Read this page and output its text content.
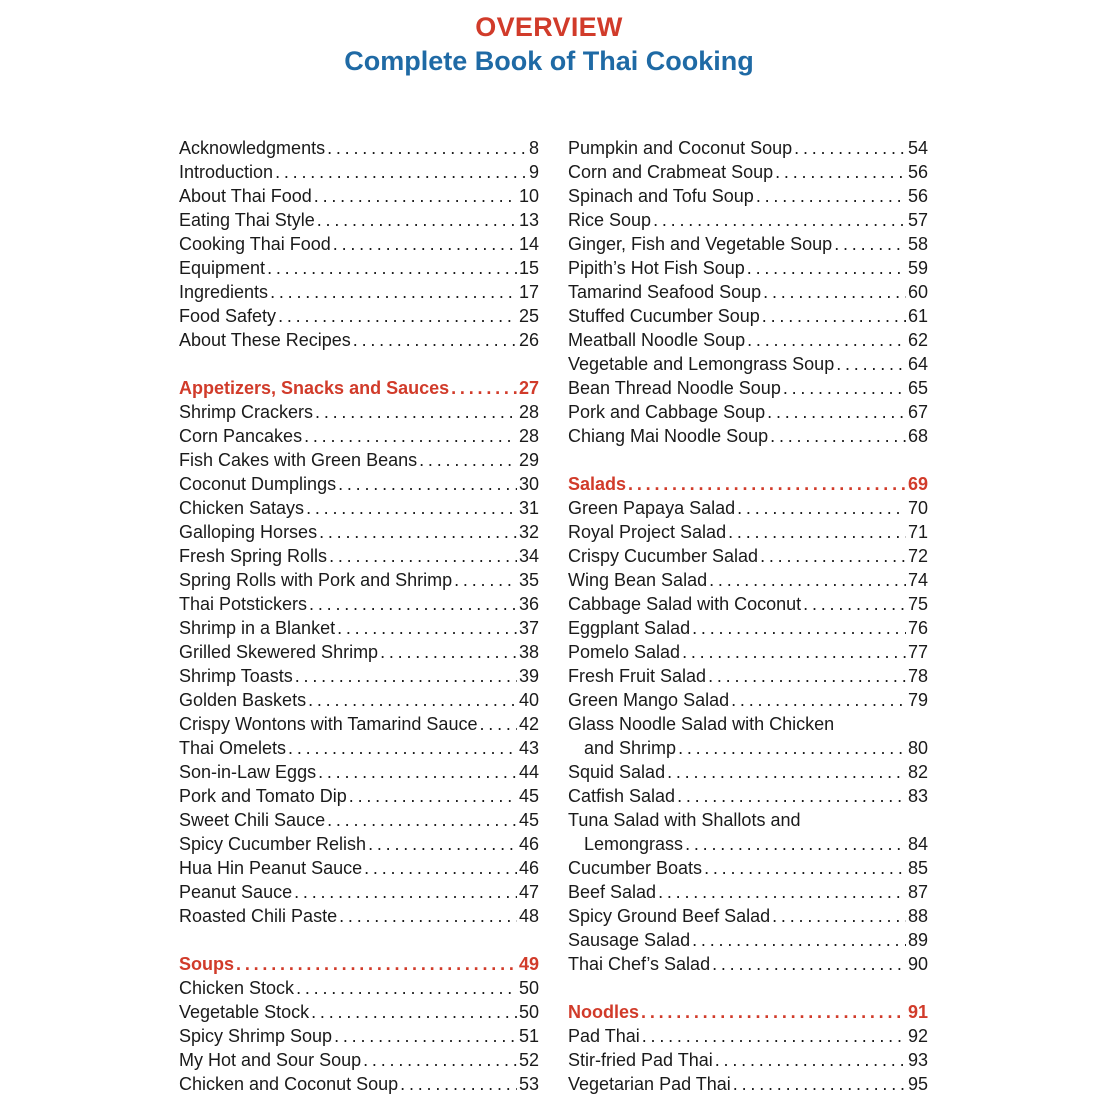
OVERVIEW
Complete Book of Thai Cooking
Acknowledgments . . .	8
Introduction . . .	9
About Thai Food . . .	10
Eating Thai Style . . .	13
Cooking Thai Food . . .	14
Equipment . . .	15
Ingredients . . .	17
Food Safety . . .	25
About These Recipes . . .	26
Appetizers, Snacks and Sauces . . .	27
Shrimp Crackers . . .	28
Corn Pancakes . . .	28
Fish Cakes with Green Beans . . .	29
Coconut Dumplings . . .	30
Chicken Satays . . .	31
Galloping Horses . . .	32
Fresh Spring Rolls . . .	34
Spring Rolls with Pork and Shrimp . . .	35
Thai Potstickers . . .	36
Shrimp in a Blanket . . .	37
Grilled Skewered Shrimp . . .	38
Shrimp Toasts . . .	39
Golden Baskets . . .	40
Crispy Wontons with Tamarind Sauce . . . 42
Thai Omelets . . .	43
Son-in-Law Eggs . . .	44
Pork and Tomato Dip . . .	45
Sweet Chili Sauce . . .	45
Spicy Cucumber Relish . . .	46
Hua Hin Peanut Sauce . . .	46
Peanut Sauce . . .	47
Roasted Chili Paste . . .	48
Soups . . .	49
Chicken Stock . . .	50
Vegetable Stock . . .	50
Spicy Shrimp Soup . . .	51
My Hot and Sour Soup . . .	52
Chicken and Coconut Soup . . .	53
Pumpkin and Coconut Soup . . .	54
Corn and Crabmeat Soup . . .	56
Spinach and Tofu Soup . . .	56
Rice Soup . . .	57
Ginger, Fish and Vegetable Soup . . .	58
Pipith’s Hot Fish Soup . . .	59
Tamarind Seafood Soup . . .	60
Stuffed Cucumber Soup . . .	61
Meatball Noodle Soup . . .	62
Vegetable and Lemongrass Soup . . .	64
Bean Thread Noodle Soup . . .	65
Pork and Cabbage Soup . . .	67
Chiang Mai Noodle Soup . . .	68
Salads . . .	69
Green Papaya Salad . . .	70
Royal Project Salad . . .	71
Crispy Cucumber Salad . . .	72
Wing Bean Salad . . .	74
Cabbage Salad with Coconut . . .	75
Eggplant Salad . . .	76
Pomelo Salad . . .	77
Fresh Fruit Salad . . .	78
Green Mango Salad . . .	79
Glass Noodle Salad with Chicken
and Shrimp . . .	80
Squid Salad . . .	82
Catfish Salad . . .	83
Tuna Salad with Shallots and
Lemongrass . . .	84
Cucumber Boats . . .	85
Beef Salad . . .	87
Spicy Ground Beef Salad . . .	88
Sausage Salad . . .	89
Thai Chef’s Salad . . .	90
Noodles . . .	91
Pad Thai . . .	92
Stir-fried Pad Thai . . .	93
Vegetarian Pad Thai . . .	95
